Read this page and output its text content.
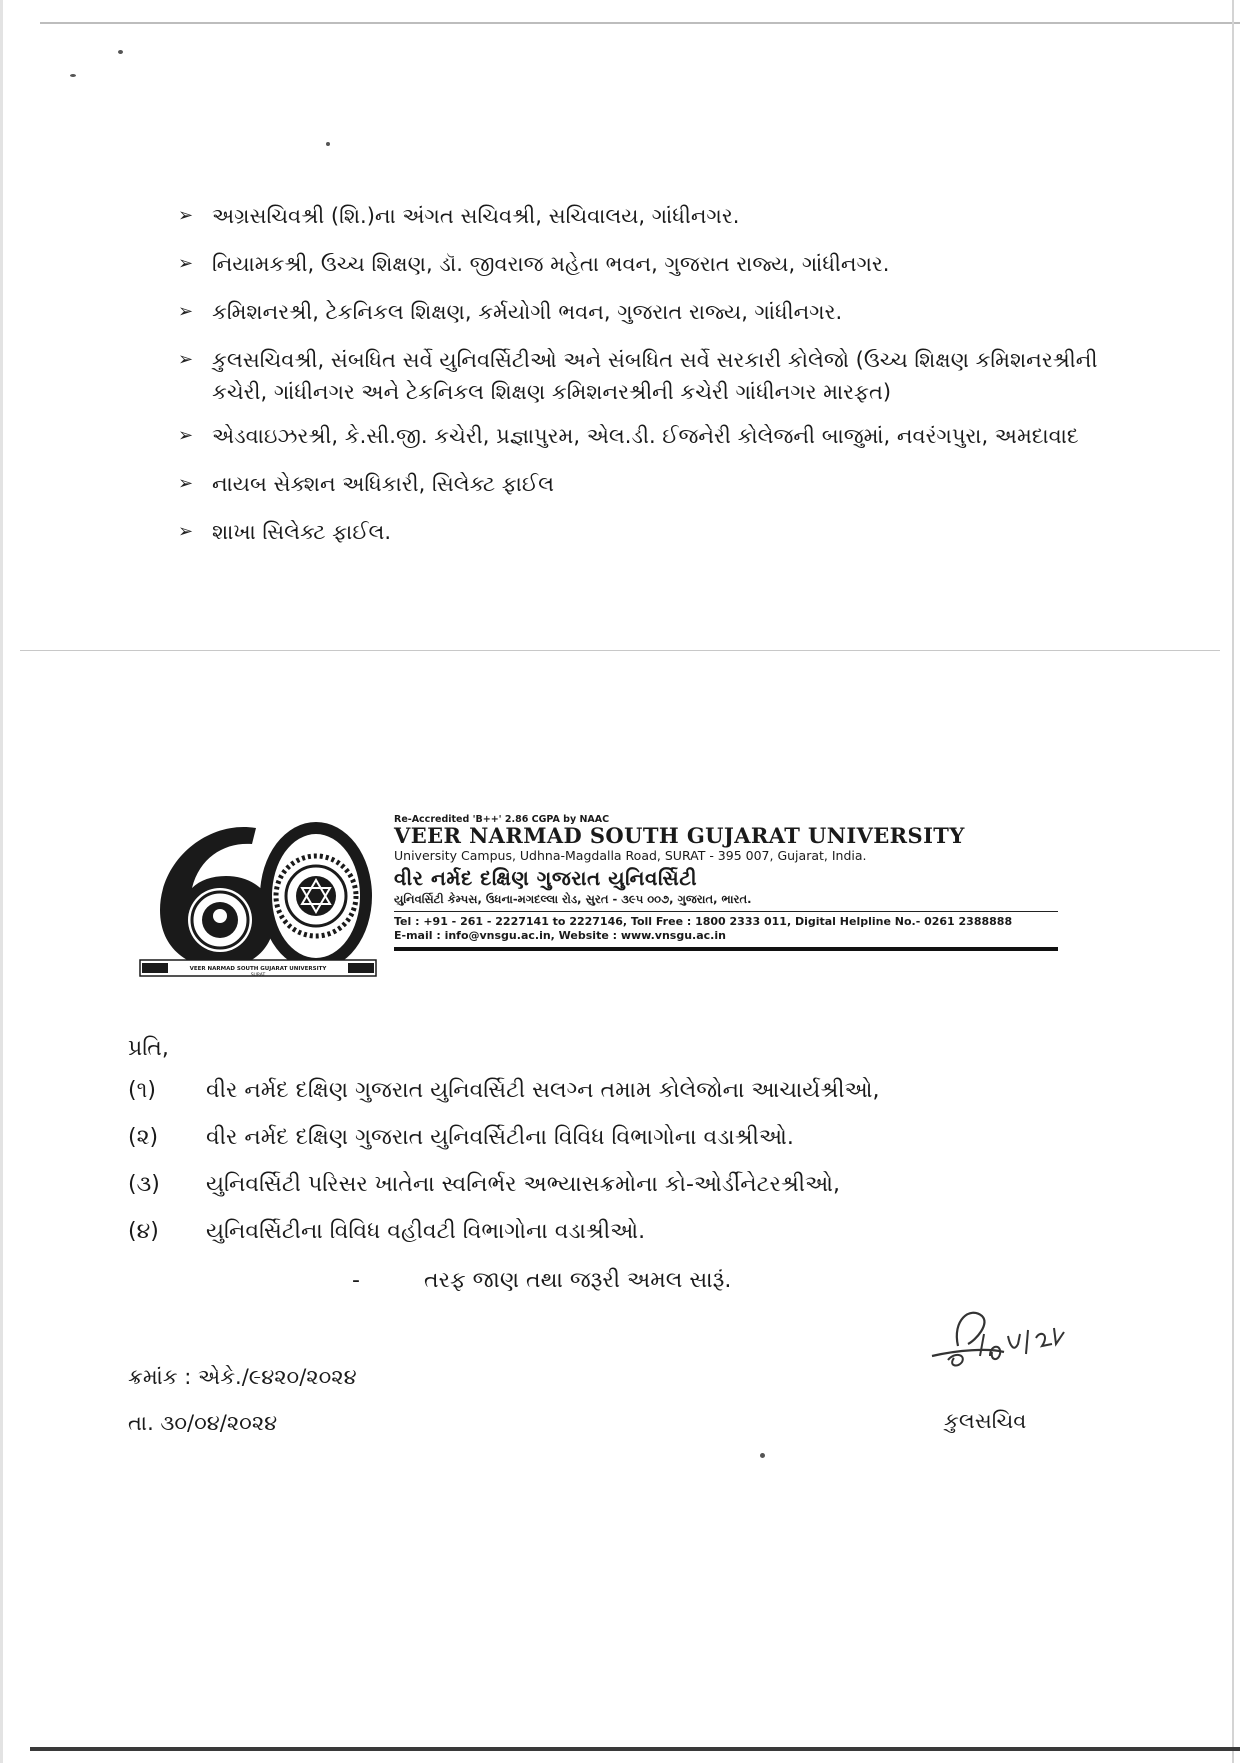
➢ અગ્રસચિવશ્રી (શિ.)ના અંગત સચિવશ્રી, સચિવાલય, ગાંધીનગર.
➢ નિયામકશ્રી, ઉચ્ચ શિક્ષણ, ડૉ. જીવરાજ મહેતા ભવન, ગુજરાત રાજ્ય, ગાંધીનગર.
➢ કમિશનરશ્રી, ટેકનિકલ શિક્ષણ, કર્મયોગી ભવન, ગુજરાત રાજ્ય, ગાંધીનગર.
➢ કુલસચિવશ્રી, સંબધિત સર્વે યુનિવર્સિટીઓ અને સંબધિત સર્વે સરકારી કોલેજો (ઉચ્ચ શિક્ષણ કમિશનરશ્રીની કચેરી, ગાંધીનગર અને ટેકનિકલ શિક્ષણ કમિશનરશ્રીની કચેરી ગાંધીનગર મારફત)
➢ એડવાઇઝરશ્રી, કે.સી.જી. કચેરી, પ્રજ્ઞાપુરમ, એલ.ડી. ઈજનેરી કોલેજની બાજુમાં, નવરંગપુરા, અમદાવાદ
➢ નાયબ સેક્શન અધિકારી, સિલેક્ટ ફાઈલ
➢ શાખા સિલેક્ટ ફાઈલ.
VEER NARMAD SOUTH GUJARAT UNIVERSITY
SURAT
Re-Accredited 'B++' 2.86 CGPA by NAAC
VEER NARMAD SOUTH GUJARAT UNIVERSITY
University Campus, Udhna-Magdalla Road, SURAT - 395 007, Gujarat, India.
વીર નર્મદ દક્ષિણ ગુજરાત યુનિવર્સિટી
યુનિવર્સિટી કેમ્પસ, ઉધના-મગદલ્લા રોડ, સુરત - ૩૯૫ ૦૦૭, ગુજરાત, ભારત.
Tel : +91 - 261 - 2227141 to 2227146, Toll Free : 1800 2333 011, Digital Helpline No.- 0261 2388888
E-mail : info@vnsgu.ac.in, Website : www.vnsgu.ac.in
પ્રતિ,
(૧)	વીર નર્મદ દક્ષિણ ગુજરાત યુનિવર્સિટી સલગ્ન તમામ કોલેજોના આચાર્યશ્રીઓ,
(૨)	વીર નર્મદ દક્ષિણ ગુજરાત યુનિવર્સિટીના વિવિધ વિભાગોના વડાશ્રીઓ.
(૩)	યુનિવર્સિટી પરિસર ખાતેના સ્વનિર્ભર અભ્યાસક્રમોના કો-ઓર્ડીનેટરશ્રીઓ,
(૪)	યુનિવર્સિટીના વિવિધ વહીવટી વિભાગોના વડાશ્રીઓ.
-	તરફ જાણ તથા જરૂરી અમલ સારૂં.
ક્રમાંક : એકે./૯૪૨૦/૨૦૨૪
તા. ૩૦/૦૪/૨૦૨૪	કુલસચિવ
